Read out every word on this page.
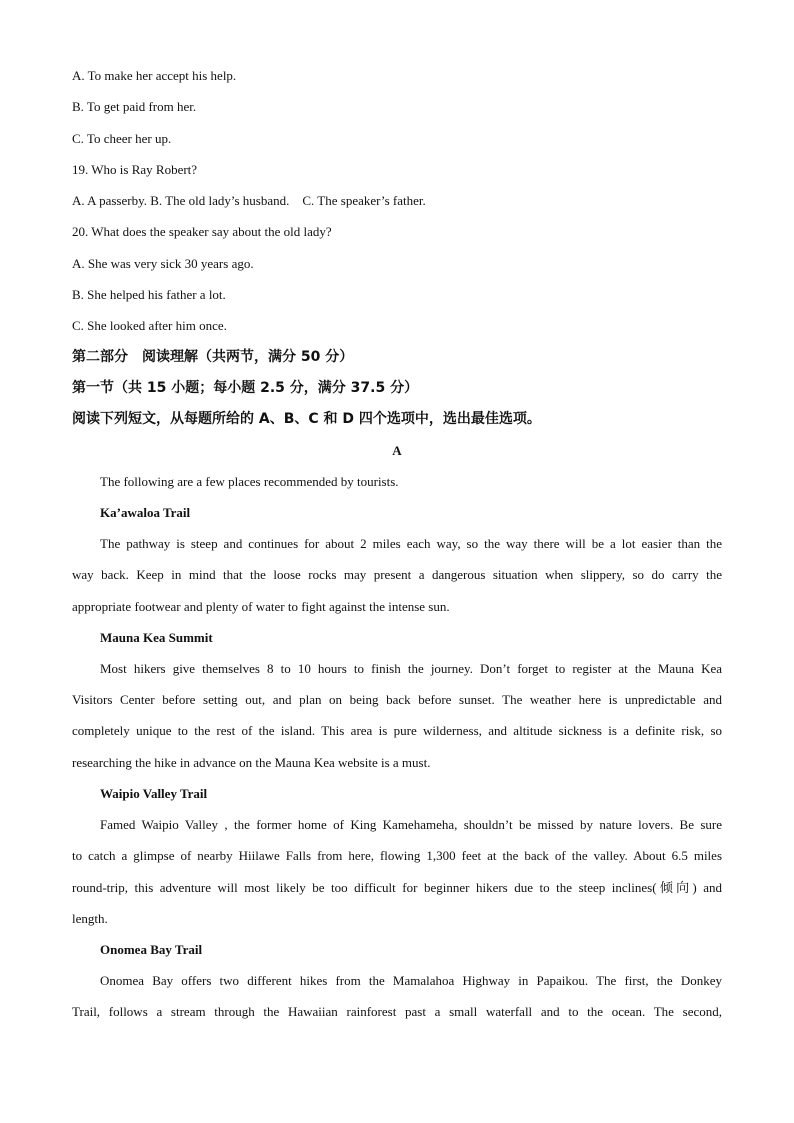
A. To make her accept his help.
B. To get paid from her.
C. To cheer her up.
19. Who is Ray Robert?
A. A passerby. B. The old lady’s husband.    C. The speaker’s father.
20. What does the speaker say about the old lady?
A. She was very sick 30 years ago.
B. She helped his father a lot.
C. She looked after him once.
第二部分　阅读理解（共两节，满分 50 分）
第一节（共 15 小题；每小题 2.5 分，满分 37.5 分）
阅读下列短文，从每题所给的 A、B、C 和 D 四个选项中，选出最佳选项。
A
The following are a few places recommended by tourists.
Ka’awaloa Trail
The pathway is steep and continues for about 2 miles each way, so the way there will be a lot easier than the
way back. Keep in mind that the loose rocks may present a dangerous situation when slippery, so do carry the
appropriate footwear and plenty of water to fight against the intense sun.
Mauna Kea Summit
Most hikers give themselves 8 to 10 hours to finish the journey. Don’t forget to register at the Mauna Kea
Visitors Center before setting out, and plan on being back before sunset. The weather here is unpredictable and
completely unique to the rest of the island. This area is pure wilderness, and altitude sickness is a definite risk, so
researching the hike in advance on the Mauna Kea website is a must.
Waipio Valley Trail
Famed Waipio Valley , the former home of King Kamehameha, shouldn’t be missed by nature lovers. Be sure
to catch a glimpse of nearby Hiilawe Falls from here, flowing 1,300 feet at the back of the valley. About 6.5 miles
round-trip, this adventure will most likely be too difficult for beginner hikers due to the steep inclines(倾向) and
length.
Onomea Bay Trail
Onomea Bay offers two different hikes from the Mamalahoa Highway in Papaikou. The first, the Donkey
Trail, follows a stream through the Hawaiian rainforest past a small waterfall and to the ocean. The second,
